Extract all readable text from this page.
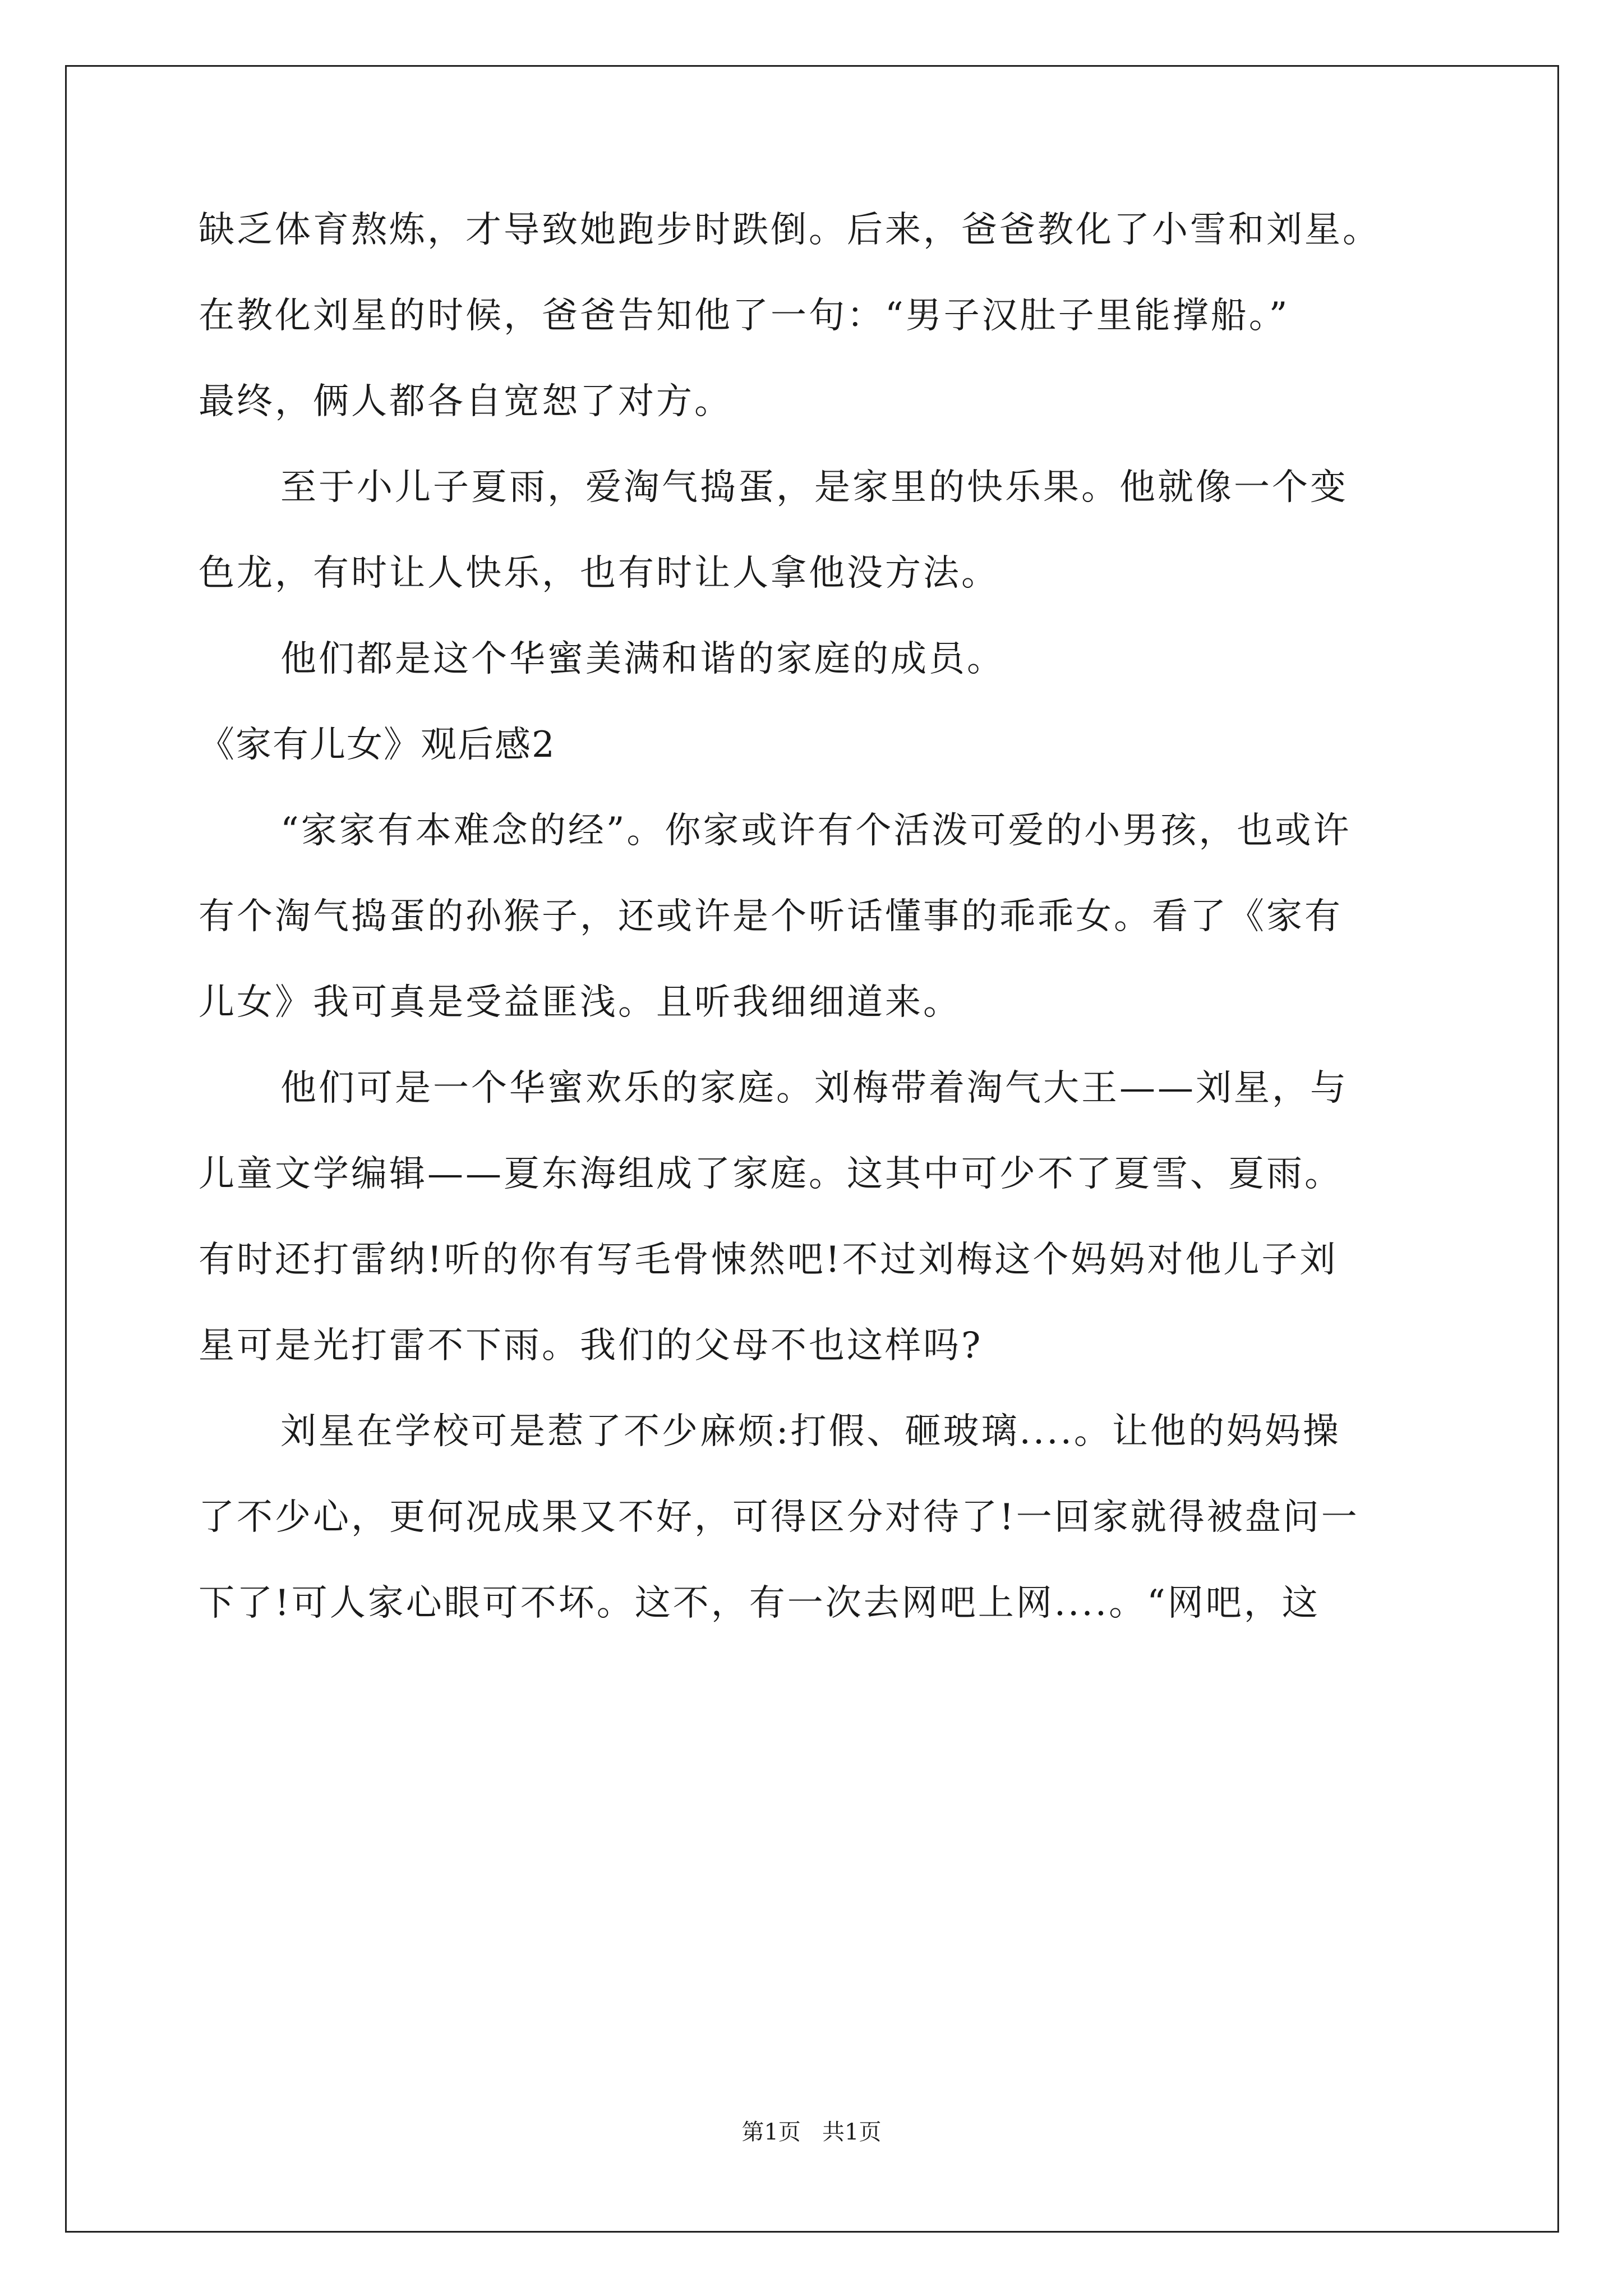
缺乏体育熬炼，才导致她跑步时跌倒。后来，爸爸教化了小雪和刘星。
在教化刘星的时候，爸爸告知他了一句：“男子汉肚子里能撑船。”
最终，俩人都各自宽恕了对方。
至于小儿子夏雨，爱淘气捣蛋，是家里的快乐果。他就像一个变
色龙，有时让人快乐，也有时让人拿他没方法。
他们都是这个华蜜美满和谐的家庭的成员。
《家有儿女》观后感2
“家家有本难念的经”。你家或许有个活泼可爱的小男孩，也或许
有个淘气捣蛋的孙猴子，还或许是个听话懂事的乖乖女。看了《家有
儿女》我可真是受益匪浅。且听我细细道来。
他们可是一个华蜜欢乐的家庭。刘梅带着淘气大王——刘星，与
儿童文学编辑——夏东海组成了家庭。这其中可少不了夏雪、夏雨。
有时还打雷纳!听的你有写毛骨悚然吧!不过刘梅这个妈妈对他儿子刘
星可是光打雷不下雨。我们的父母不也这样吗?
刘星在学校可是惹了不少麻烦:打假、砸玻璃....。让他的妈妈操
了不少心，更何况成果又不好，可得区分对待了!一回家就得被盘问一
下了!可人家心眼可不坏。这不，有一次去网吧上网....。“网吧，这
第1页   共1页
